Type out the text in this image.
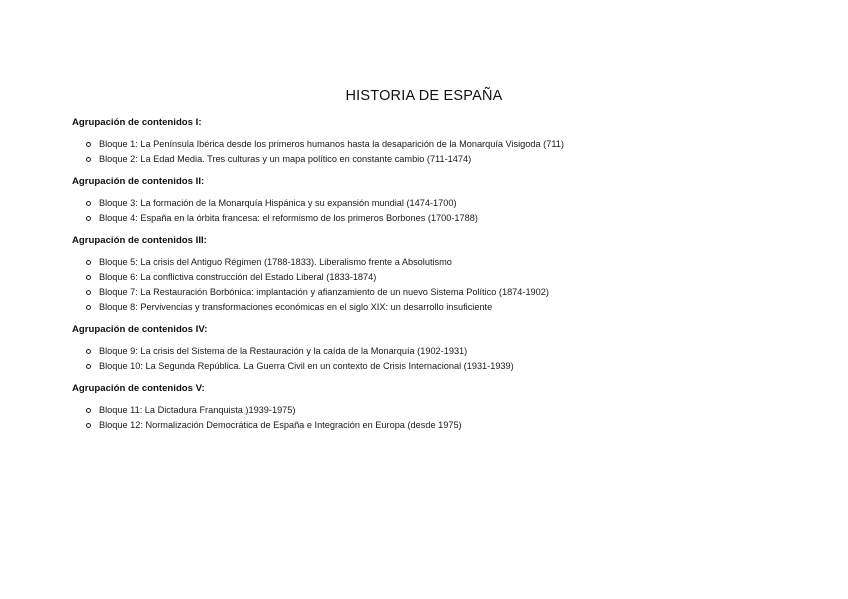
HISTORIA DE ESPAÑA

Agrupación de contenidos I:

Bloque 1: La Península Ibérica desde los primeros humanos hasta la desaparición de la Monarquía Visigoda (711)
Bloque 2: La Edad Media. Tres culturas y un mapa político en constante cambio (711-1474)

Agrupación de contenidos II:

Bloque 3: La formación de la Monarquía Hispánica y su expansión mundial (1474-1700)
Bloque 4: España en la órbita francesa: el reformismo de los primeros Borbones (1700-1788)

Agrupación de contenidos III:

Bloque 5: La crisis del Antiguo Régimen (1788-1833). Liberalismo frente a Absolutismo
Bloque 6: La conflictiva construcción del Estado Liberal (1833-1874)
Bloque 7: La Restauración Borbónica: implantación y afianzamiento de un nuevo Sistema Político (1874-1902)
Bloque 8: Pervivencias y transformaciones económicas en el siglo XIX: un desarrollo insuficiente

Agrupación de contenidos IV:

Bloque 9: La crisis del Sistema de la Restauración y la caída de la Monarquía (1902-1931)
Bloque 10: La Segunda República. La Guerra Civil en un contexto de Crisis Internacional (1931-1939)

Agrupación de contenidos V:

Bloque 11: La Dictadura Franquista )1939-1975)
Bloque 12: Normalización Democrática de España e Integración en Europa (desde 1975)
